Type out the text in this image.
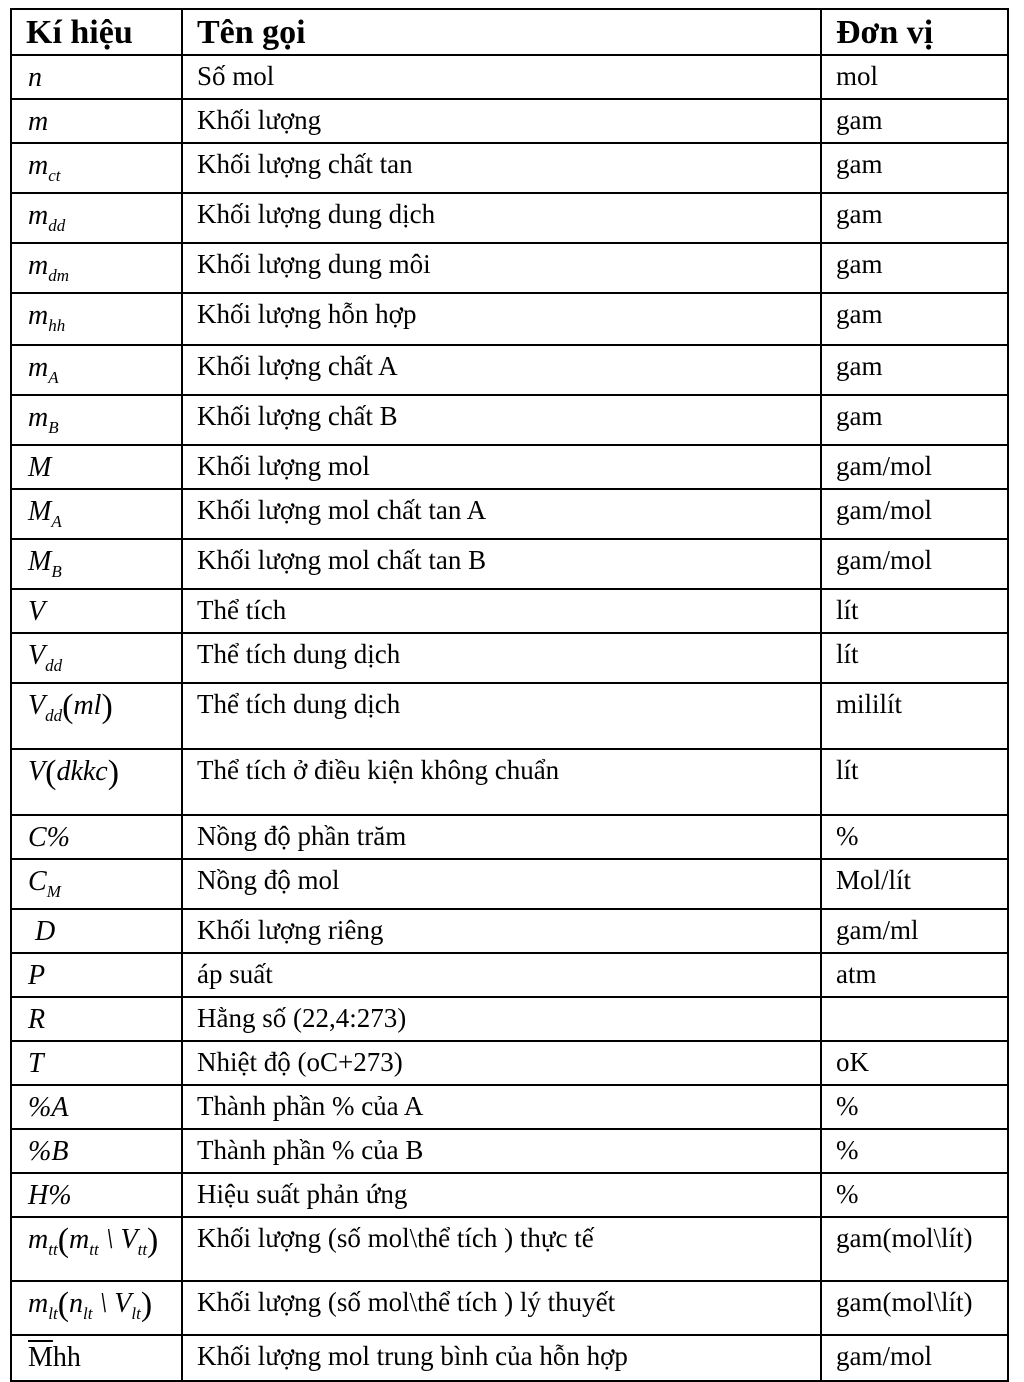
Kí hiệu	Tên gọi	Đơn vị
n	Số mol	mol
m	Khối lượng	gam
$m_{ct}$	Khối lượng chất tan	gam
$m_{dd}$	Khối lượng dung dịch	gam
$m_{dm}$	Khối lượng dung môi	gam
$m_{hh}$	Khối lượng hỗn hợp	gam
$m_A$	Khối lượng chất A	gam
$m_B$	Khối lượng chất B	gam
M	Khối lượng mol	gam/mol
$M_A$	Khối lượng mol chất tan A	gam/mol
$M_B$	Khối lượng mol chất tan B	gam/mol
V	Thể tích	lít
$V_{dd}$	Thể tích dung dịch	lít
$V_{dd}(ml)$	Thể tích dung dịch	mililít
V(dkkc)	Thể tích ở điều kiện không chuẩn	lít
C%	Nồng độ phần trăm	%
$C_M$	Nồng độ mol	Mol/lít
D	Khối lượng riêng	gam/ml
P	áp suất	atm
R	Hằng số (22,4:273)	
T	Nhiệt độ (oC+273)	oK
%A	Thành phần % của A	%
%B	Thành phần % của B	%
H%	Hiệu suất phản ứng	%
$m_{tt}(m_{tt}$ \ $V_{tt}$)	Khối lượng (số mol\thể tích ) thực tế	gam(mol\lít)
$m_{lt}(n_{lt}$ \ $V_{lt}$)	Khối lượng (số mol\thể tích ) lý thuyết	gam(mol\lít)
$\overline{M}hh$	Khối lượng mol trung bình của hỗn hợp	gam/mol
